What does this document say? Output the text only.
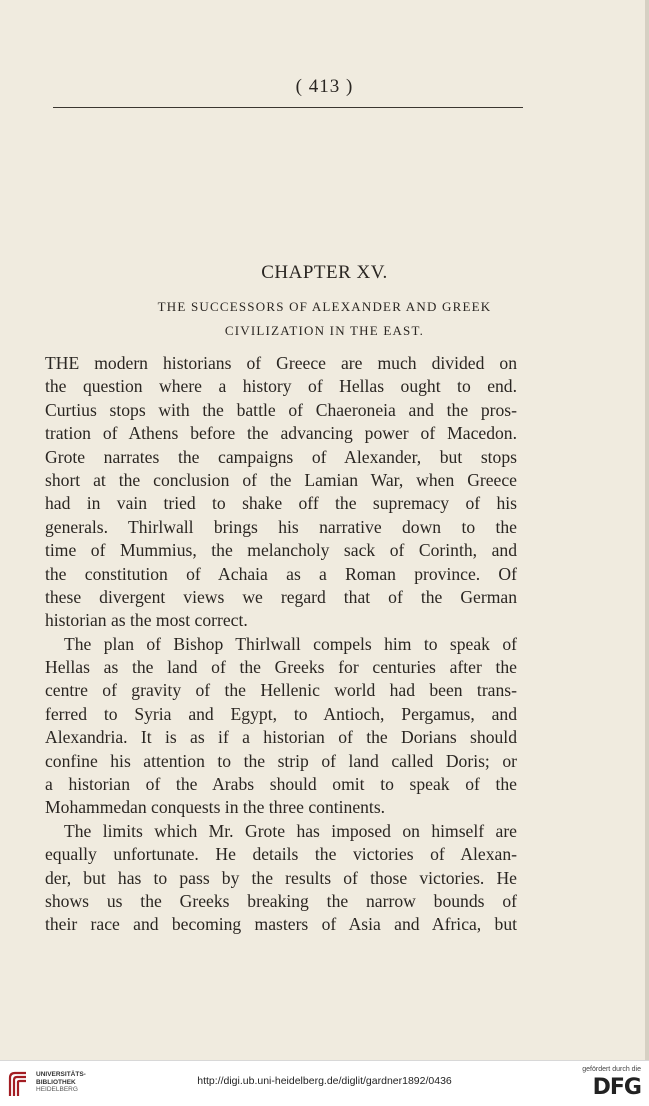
( 413 )
CHAPTER XV.
THE SUCCESSORS OF ALEXANDER AND GREEK
CIVILIZATION IN THE EAST.
THE modern historians of Greece are much divided on
the question where a history of Hellas ought to end.
Curtius stops with the battle of Chaeroneia and the pros-
tration of Athens before the advancing power of Macedon.
Grote narrates the campaigns of Alexander, but stops
short at the conclusion of the Lamian War, when Greece
had in vain tried to shake off the supremacy of his
generals. Thirlwall brings his narrative down to the
time of Mummius, the melancholy sack of Corinth, and
the constitution of Achaia as a Roman province. Of
these divergent views we regard that of the German
historian as the most correct.
The plan of Bishop Thirlwall compels him to speak of
Hellas as the land of the Greeks for centuries after the
centre of gravity of the Hellenic world had been trans-
ferred to Syria and Egypt, to Antioch, Pergamus, and
Alexandria. It is as if a historian of the Dorians should
confine his attention to the strip of land called Doris; or
a historian of the Arabs should omit to speak of the
Mohammedan conquests in the three continents.
The limits which Mr. Grote has imposed on himself are
equally unfortunate. He details the victories of Alexan-
der, but has to pass by the results of those victories. He
shows us the Greeks breaking the narrow bounds of
their race and becoming masters of Asia and Africa, but
UNIVERSITÄTS-
BIBLIOTHEK
HEIDELBERG
http://digi.ub.uni-heidelberg.de/diglit/gardner1892/0436
gefördert durch die
DFG
